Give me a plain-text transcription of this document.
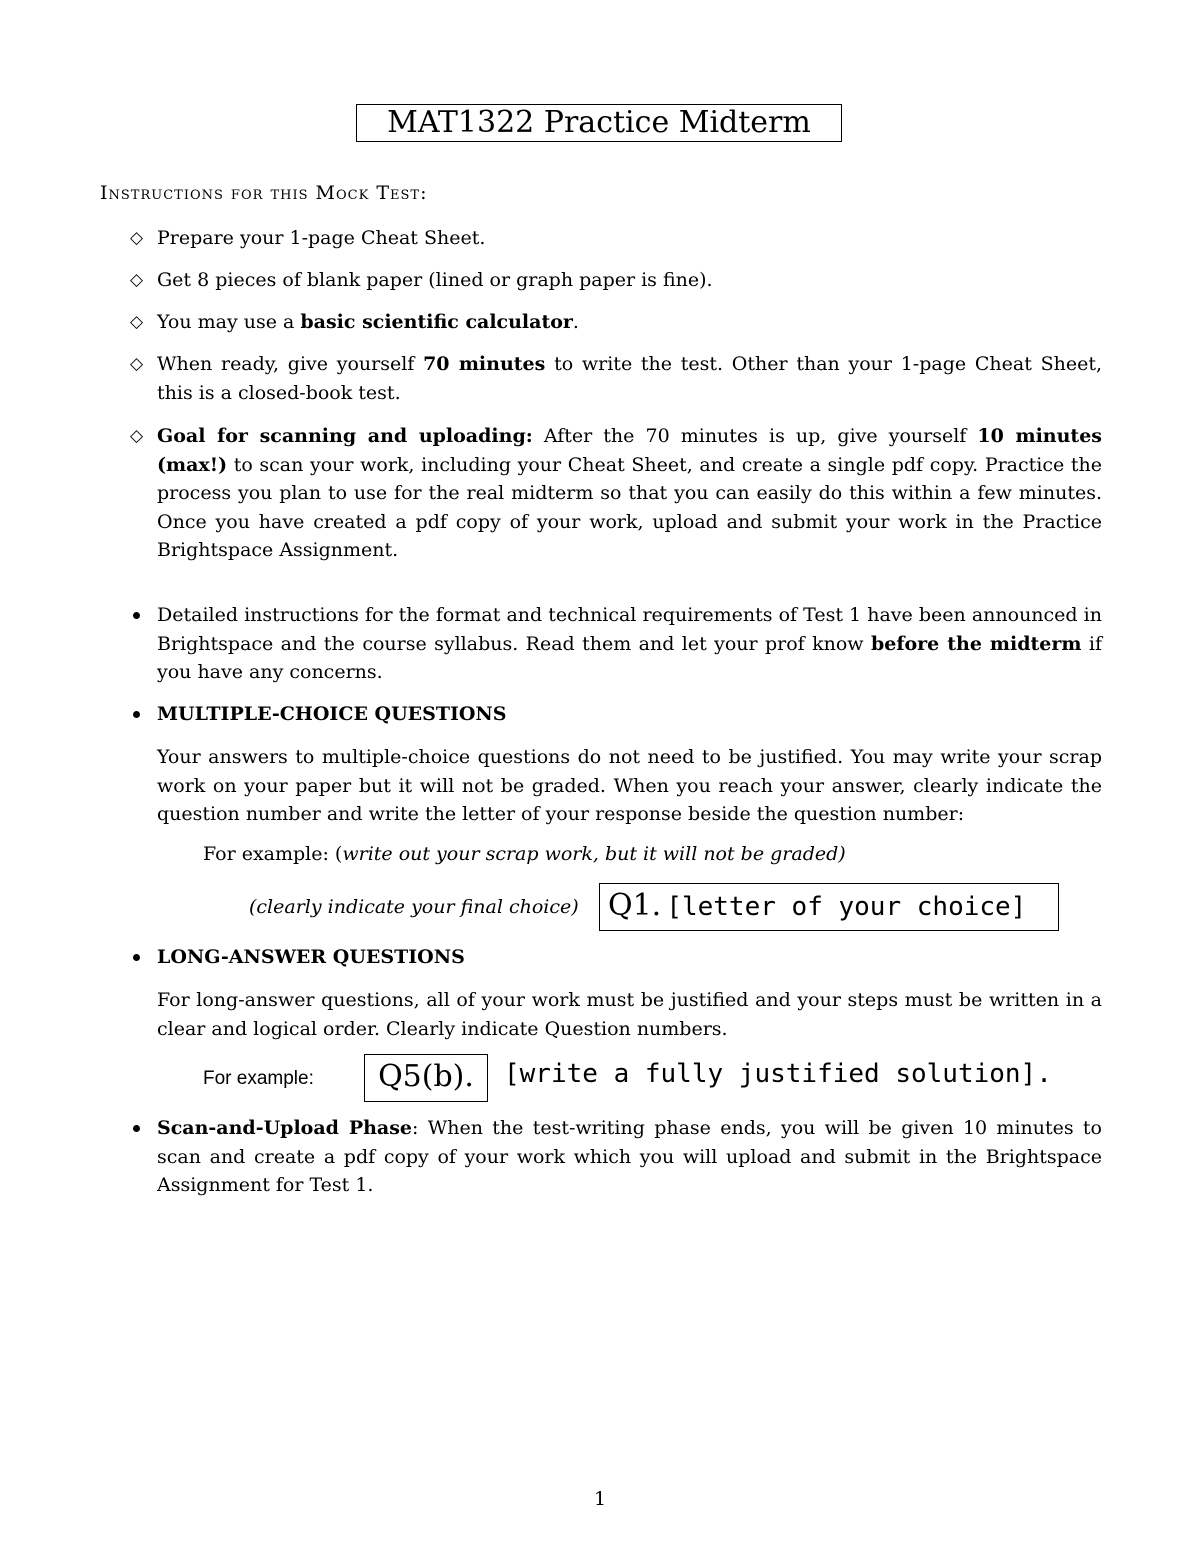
MAT1322 Practice Midterm
Instructions for this Mock Test:
◇ Prepare your 1-page Cheat Sheet.
◇ Get 8 pieces of blank paper (lined or graph paper is fine).
◇ You may use a basic scientific calculator.
◇ When ready, give yourself 70 minutes to write the test. Other than your 1-page Cheat Sheet, this is a closed-book test.
◇ Goal for scanning and uploading: After the 70 minutes is up, give yourself 10 minutes (max!) to scan your work, including your Cheat Sheet, and create a single pdf copy. Practice the process you plan to use for the real midterm so that you can easily do this within a few minutes. Once you have created a pdf copy of your work, upload and submit your work in the Practice Brightspace Assignment.
Detailed instructions for the format and technical requirements of Test 1 have been announced in Brightspace and the course syllabus. Read them and let your prof know before the midterm if you have any concerns.
MULTIPLE-CHOICE QUESTIONS
Your answers to multiple-choice questions do not need to be justified. You may write your scrap work on your paper but it will not be graded. When you reach your answer, clearly indicate the question number and write the letter of your response beside the question number:
For example: (write out your scrap work, but it will not be graded)
(clearly indicate your final choice) Q1. [letter of your choice]
LONG-ANSWER QUESTIONS
For long-answer questions, all of your work must be justified and your steps must be written in a clear and logical order. Clearly indicate Question numbers.
For example:	Q5(b).	[write a fully justified solution].
Scan-and-Upload Phase: When the test-writing phase ends, you will be given 10 minutes to scan and create a pdf copy of your work which you will upload and submit in the Brightspace Assignment for Test 1.
1
